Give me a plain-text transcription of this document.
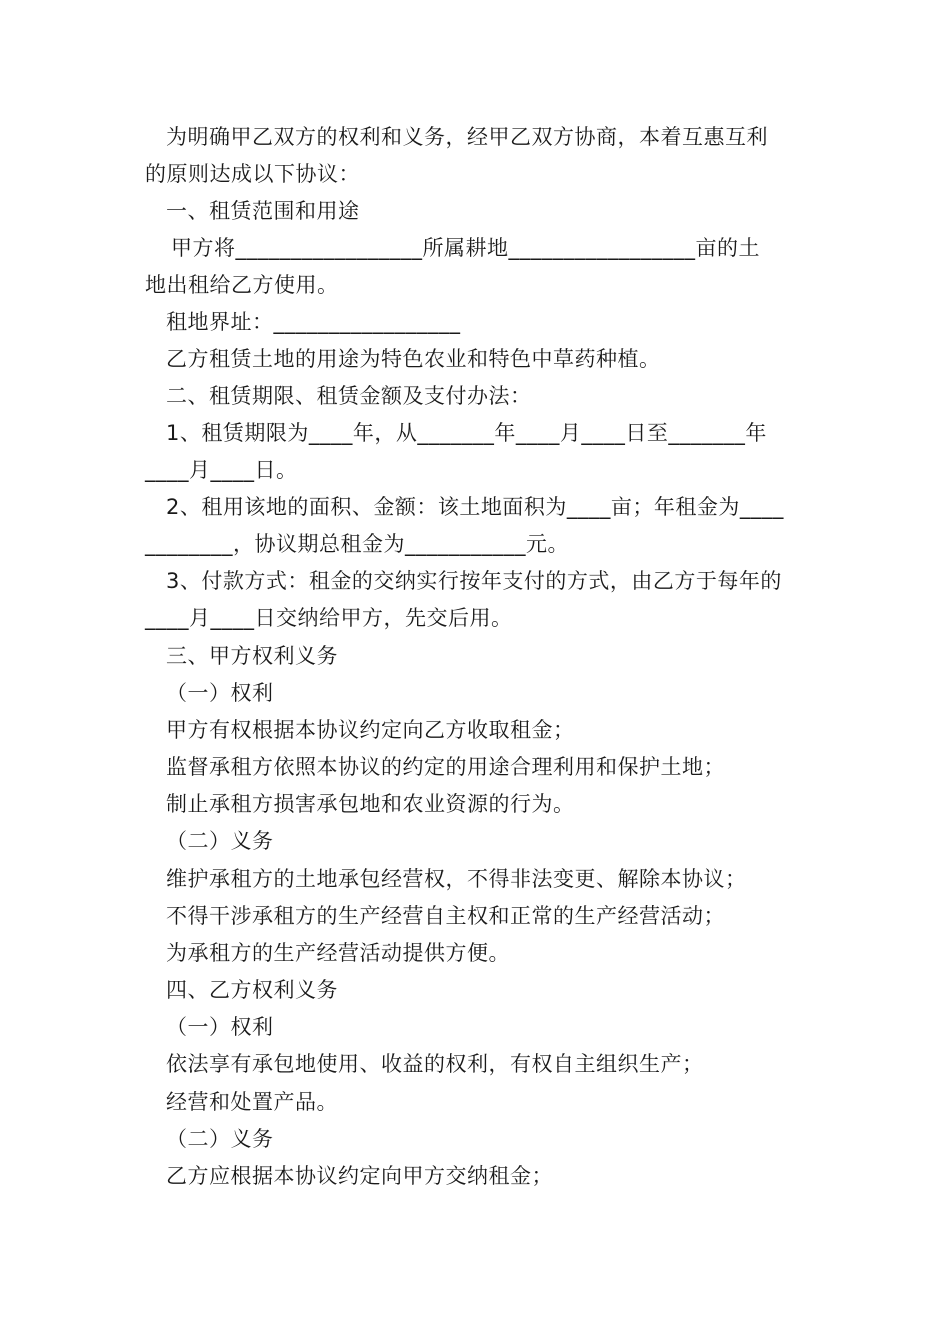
为明确甲乙双方的权利和义务，经甲乙双方协商，本着互惠互利
的原则达成以下协议：
一、租赁范围和用途
甲方将_________________所属耕地_________________亩的土
地出租给乙方使用。
租地界址：_________________
乙方租赁土地的用途为特色农业和特色中草药种植。
二、租赁期限、租赁金额及支付办法：
1、租赁期限为____年，从_______年____月____日至_______年
____月____日。
2、租用该地的面积、金额：该土地面积为____亩；年租金为____
________，协议期总租金为___________元。
3、付款方式：租金的交纳实行按年支付的方式，由乙方于每年的
____月____日交纳给甲方，先交后用。
三、甲方权利义务
（一）权利
甲方有权根据本协议约定向乙方收取租金；
监督承租方依照本协议的约定的用途合理利用和保护土地；
制止承租方损害承包地和农业资源的行为。
（二）义务
维护承租方的土地承包经营权，不得非法变更、解除本协议；
不得干涉承租方的生产经营自主权和正常的生产经营活动；
为承租方的生产经营活动提供方便。
四、乙方权利义务
（一）权利
依法享有承包地使用、收益的权利，有权自主组织生产；
经营和处置产品。
（二）义务
乙方应根据本协议约定向甲方交纳租金；
